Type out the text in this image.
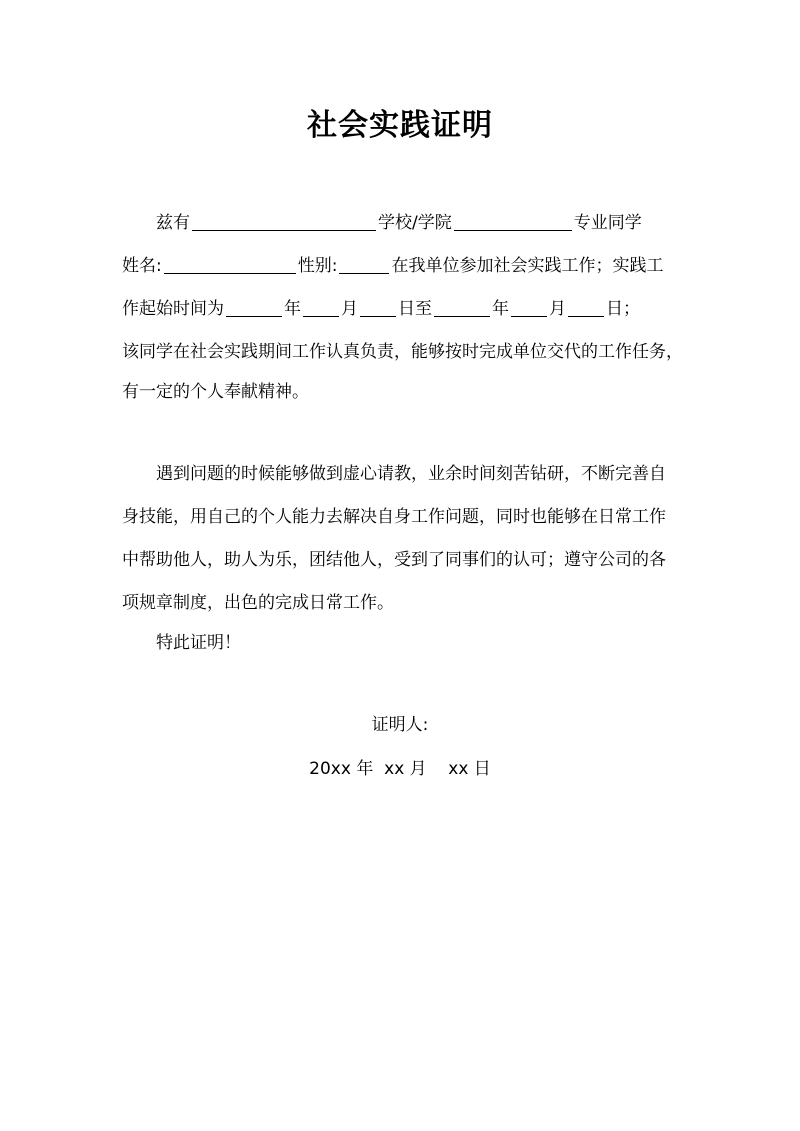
社会实践证明
兹有	学校/学院	专业同学
姓名:	性别:	在我单位参加社会实践工作；实践工
作起始时间为	年 月 日至	年 月 日；
该同学在社会实践期间工作认真负责，能够按时完成单位交代的工作任务，
有一定的个人奉献精神。
遇到问题的时候能够做到虚心请教，业余时间刻苦钻研，不断完善自
身技能，用自己的个人能力去解决自身工作问题，同时也能够在日常工作
中帮助他人，助人为乐，团结他人，受到了同事们的认可；遵守公司的各
项规章制度，出色的完成日常工作。
特此证明！
证明人:
20xx 年  xx 月    xx 日
